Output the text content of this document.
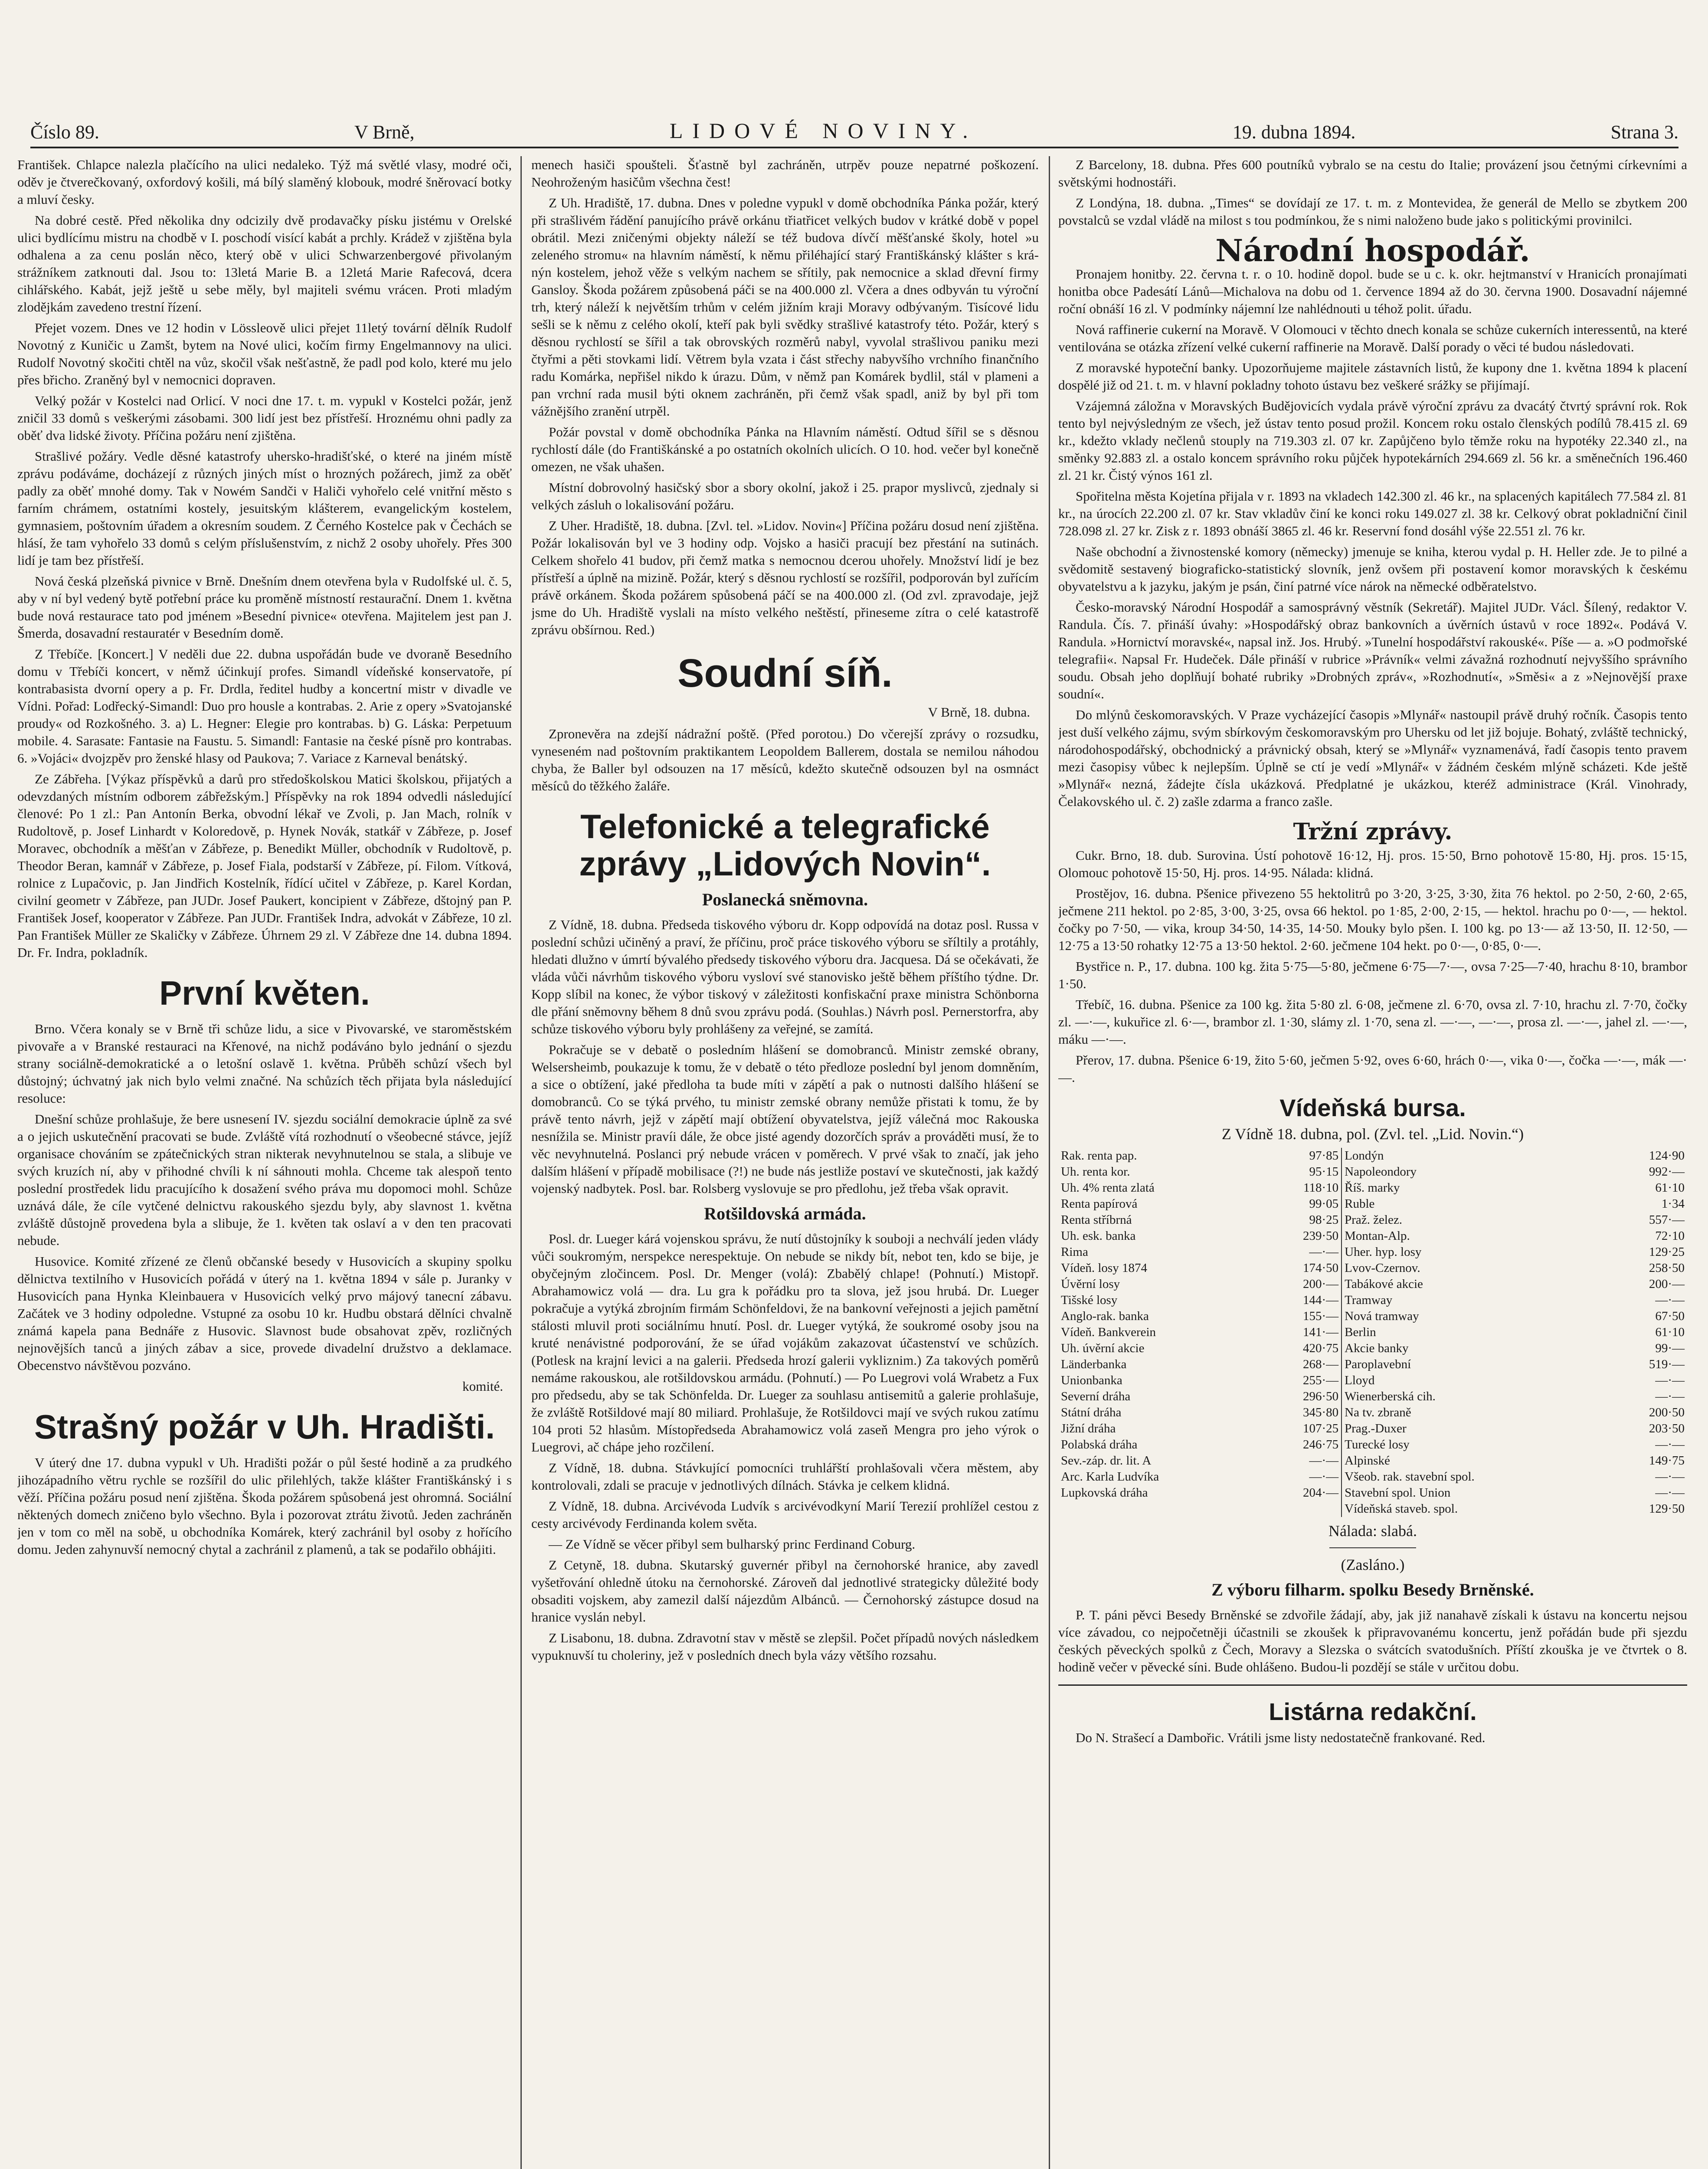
Číslo 89.	V Brně,	LIDOVÉ NOVINY.	19. dubna 1894.	Strana 3.

František. Chlapce nalezla plačícího na ulici nedaleko. Týž má světlé vlasy, modré oči, oděv je čtverečkovaný, oxfordový košili, má bílý slaměný klobouk, modré šněrovací botky a mluví česky.

Na dobré cestě. Před několika dny odcizily dvě prodavačky písku jistému v Orelské ulici bydlícímu mistru na chodbě v I. poschodí visící kabát a prchly. Krádež v zjištěna byla odhalena a za cenu poslán něco, který obě v ulici Schwarzenbergové přivolaným strážníkem zatknouti dal. Jsou to: 13letá Marie B. a 12letá Marie Rafecová, dcera cihlářského. Kabát, jejž ještě u sebe měly, byl majiteli svému vrácen. Proti mladým zlodějkám zavedeno trestní řízení.

Přejet vozem. Dnes ve 12 hodin v Lössleově ulici přejet 11letý tovární dělník Rudolf Novotný z Kuničic u Zamšt, bytem na Nové ulici, kočím firmy Engelmannovy na ulici. Rudolf Novotný skočiti chtěl na vůz, skočil však nešťastně, že padl pod kolo, které mu jelo přes břicho. Zraněný byl v nemocnici dopraven.

Velký požár v Kostelci nad Orlicí. V noci dne 17. t. m. vypukl v Kostelci požár, jenž zničil 33 domů s veškerými zásobami. 300 lidí jest bez přístřeší. Hroznému ohni padly za oběť dva lidské životy. Příčina požáru není zjištěna.

Strašlivé požáry. Vedle děsné katastrofy uhersko-hradišťské, o které na jiném místě zprávu podáváme, docházejí z různých jiných míst o hrozných požárech, jimž za oběť padly za oběť mnohé domy. Tak v Nowém Sandči v Haliči vyhořelo celé vnitřní město s farním chrámem, ostatními kostely, jesuitským klášterem, evangelickým kostelem, gymnasiem, poštovním úřadem a okresním soudem. Z Černého Kostelce pak v Čechách se hlásí, že tam vyhořelo 33 domů s celým příslušenstvím, z nichž 2 osoby uhořely. Přes 300 lidí je tam bez přístřeší.

Nová česká plzeňská pivnice v Brně. Dnešním dnem otevřena byla v Rudolfské ul. č. 5, aby v ní byl vedený bytě potřební práce ku proměně místností restaurační. Dnem 1. května bude nová restaurace tato pod jménem »Besední pivnice« otevřena. Majitelem jest pan J. Šmerda, dosavadní restauratér v Besedním domě.

Z Třebíče. [Koncert.] V neděli due 22. dubna uspořádán bude ve dvoraně Besedního domu v Třebíči koncert, v němž účinkují profes. Simandl vídeňské konservatoře, pí kontrabasista dvorní opery a p. Fr. Drdla, ředitel hudby a koncertní mistr v divadle ve Vídni. Pořad: Lodřecký-Simandl: Duo pro housle a kontrabas. 2. Arie z opery »Svatojanské proudy« od Rozkošného. 3. a) L. Hegner: Elegie pro kontrabas. b) G. Láska: Perpetuum mobile. 4. Sarasate: Fantasie na Faustu. 5. Simandl: Fantasie na české písně pro kontrabas. 6. »Vojáci« dvojzpěv pro ženské hlasy od Paukova; 7. Variace z Karneval benátský.

Ze Zábřeha. [Výkaz příspěvků a darů pro středoškolskou Matici školskou, přijatých a odevzdaných místním odborem zábřežským.] Příspěvky na rok 1894 odvedli následující členové: Po 1 zl.: Pan Antonín Berka, obvodní lékař ve Zvoli, p. Jan Mach, rolník v Rudoltově, p. Josef Linhardt v Koloredově, p. Hynek Novák, statkář v Zábřeze, p. Josef Moravec, obchodník a měšťan v Zábřeze, p. Benedikt Müller, obchodník v Rudoltově, p. Theodor Beran, kamnář v Zábřeze, p. Josef Fiala, podstarší v Zábřeze, pí. Filom. Vítková, rolnice z Lupačovic, p. Jan Jindřich Kostelník, řídící učitel v Zábřeze, p. Karel Kordan, civilní geometr v Zábřeze, pan JUDr. Josef Paukert, koncipient v Zábřeze, dštojný pan P. František Josef, kooperator v Zábřeze. Pan JUDr. František Indra, advokát v Zábřeze, 10 zl. Pan František Müller ze Skaličky v Zábřeze. Úhrnem 29 zl. V Zábřeze dne 14. dubna 1894. Dr. Fr. Indra, pokladník.

První květen.

Brno. Včera konaly se v Brně tři schůze lidu, a sice v Pivovarské, ve staroměstském pivovaře a v Branské restauraci na Křenové, na nichž podáváno bylo jednání o sjezdu strany sociálně-demokratické a o letošní oslavě 1. května. Průběh schůzí všech byl důstojný; úchvatný jak nich bylo velmi značné. Na schůzích těch přijata byla následující resoluce:

Dnešní schůze prohlašuje, že bere usnesení IV. sjezdu sociální demokracie úplně za své a o jejich uskutečnění pracovati se bude. Zvláště vítá rozhodnutí o všeobecné stávce, jejíž organisace chováním se zpátečnických stran nikterak nevyhnutelnou se stala, a slibuje ve svých kruzích ní, aby v přihodné chvíli k ní sáhnouti mohla. Chceme tak alespoň tento poslední prostředek lidu pracujícího k dosažení svého práva mu dopomoci mohl. Schůze uznává dále, že cíle vytčené delnictvu rakouského sjezdu byly, aby slavnost 1. května zvláště důstojně provedena byla a slibuje, že 1. květen tak oslaví a v den ten pracovati nebude.

Husovice. Komité zřízené ze členů občanské besedy v Husovicích a skupiny spolku dělnictva textilního v Husovicích pořádá v úterý na 1. května 1894 v sále p. Juranky v Husovicích pana Hynka Kleinbauera v Husovicích velký prvo májový tanecní zábavu. Začátek ve 3 hodiny odpoledne. Vstupné za osobu 10 kr. Hudbu obstará dělníci chvalně známá kapela pana Bednáře z Husovic. Slavnost bude obsahovat zpěv, rozličných nejnovějších tanců a jiných zábav a sice, provede divadelní družstvo a deklamace. Obecenstvo návštěvou pozváno.

komité.

Strašný požár v Uh. Hradišti.

V úterý dne 17. dubna vypukl v Uh. Hradišti požár o půl šesté hodině a za prudkého jihozápadního větru rychle se rozšířil do ulic přilehlých, takže klášter Františkánský i s věží. Příčina požáru posud není zjištěna. Škoda požárem spůsobená jest ohromná. Sociální něktených domech zničeno bylo všechno. Byla i pozorovat ztrátu životů. Jeden zachráněn jen v tom co měl na sobě, u obchodníka Komárek, který zachránil byl osoby z hořícího domu. Jeden zahynuvší nemocný chytal a zachránil z plamenů, a tak se podařilo obhájiti.

menech hasiči spoušteli. Šťastně byl zachráněn, utrpěv pouze nepatrné poškození. Neohroženým hasičům všechna čest!

Z Uh. Hradiště, 17. dubna. Dnes v poledne vypukl v domě obchodníka Pánka požár, který při strašlivém řádění panujícího právě orkánu třiatřicet velkých budov v krátké době v popel obrátil. Mezi zničenými objekty náleží se též budova dívčí měšťanské školy, hotel »u zeleného stromu« na hlavním náměstí, k němu přiléhající starý Františkánský klášter s krá-nýn kostelem, jehož věže s velkým nachem se sřítily, pak nemocnice a sklad dřevní firmy Gansloy. Škoda požárem způsobená páči se na 400.000 zl. Včera a dnes odbyván tu výroční trh, který náleží k největším trhům v celém jižním kraji Moravy odbývaným. Tisícové lidu sešli se k němu z celého okolí, kteří pak byli svědky strašlivé katastrofy této. Požár, který s děsnou rychlostí se šířil a tak obrovských rozměrů nabyl, vyvolal strašlivou paniku mezi čtyřmi a pěti stovkami lidí. Větrem byla vzata i část střechy nabyvšího vrchního finančního radu Komárka, nepřišel nikdo k úrazu. Dům, v němž pan Komárek bydlil, stál v plameni a pan vrchní rada musil býti oknem zachráněn, při čemž však spadl, aniž by byl při tom vážnějšího zranění utrpěl.

Požár povstal v domě obchodníka Pánka na Hlavním náměstí. Odtud šířil se s děsnou rychlostí dále (do Františkánské a po ostatních okolních ulicích. O 10. hod. večer byl konečně omezen, ne však uhašen.

Místní dobrovolný hasičský sbor a sbory okolní, jakož i 25. prapor myslivců, zjednaly si velkých zásluh o lokalisování požáru.

Z Uher. Hradiště, 18. dubna. [Zvl. tel. »Lidov. Novin«] Příčina požáru dosud není zjištěna. Požár lokalisován byl ve 3 hodiny odp. Vojsko a hasiči pracují bez přestání na sutinách. Celkem shořelo 41 budov, při čemž matka s nemocnou dcerou uhořely. Množství lidí je bez přístřeší a úplně na mizině. Požár, který s děsnou rychlostí se rozšířil, podporován byl zuřícím právě orkánem. Škoda požárem spůsobená páčí se na 400.000 zl. (Od zvl. zpravodaje, jejž jsme do Uh. Hradiště vyslali na místo velkého neštěstí, přineseme zítra o celé katastrofě zprávu obšírnou. Red.)

Soudní síň.
V Brně, 18. dubna.

Zpronevěra na zdejší nádražní poště. (Před porotou.) Do včerejší zprávy o rozsudku, vyneseném nad poštovním praktikantem Leopoldem Ballerem, dostala se nemilou náhodou chyba, že Baller byl odsouzen na 17 měsíců, kdežto skutečně odsouzen byl na osmnáct měsíců do těžkého žaláře.

Telefonické a telegrafické zprávy „Lidových Novin“.
Poslanecká sněmovna.

Z Vídně, 18. dubna. Předseda tiskového výboru dr. Kopp odpovídá na dotaz posl. Russa v poslední schůzi učiněný a praví, že příčinu, proč práce tiskového výboru se sříltily a protáhly, hledati dlužno v úmrtí bývalého předsedy tiskového výboru drа. Jacquesa. Dá se očekávati, že vláda vůči návrhům tiskového výboru vysloví své stanovisko ještě během příštího týdne. Dr. Kopp slíbil na konec, že výbor tiskový v záležitosti konfiskační praxe ministra Schönborna dle přání sněmovny během 8 dnů svou zprávu podá. (Souhlas.) Návrh posl. Pernerstorfra, aby schůze tiskového výboru byly prohlášeny za veřejné, se zamítá.

Pokračuje se v debatě o posledním hlášení se domobranců. Ministr zemské obrany, Welsersheimb, poukazuje k tomu, že v debatě o této předloze poslední byl jenom domněním, a sice o obtížení, jaké předloha ta bude míti v zápětí a pak o nutnosti dalšího hlášení se domobranců. Co se týká prvého, tu ministr zemské obrany nemůže přistati k tomu, že by právě tento návrh, jejž v zápětí mají obtížení obyvatelstva, jejíž válečná moc Rakouska nesnížila se. Ministr pravíi dále, že obce jisté agendy dozorčích správ a prováděti musí, že to věc nevyhnutelná. Poslanci prý nebude vrácen v poměrech. V prvé však to značí, jak jeho dalším hlášení v případě mobilisace (?!) ne bude nás jestliže postaví ve skutečnosti, jak každý vojenský nadbytek. Posl. bar. Rolsberg vyslovuje se pro předlohu, jež třeba však opravit.

Rotšildovská armáda.

Posl. dr. Lueger kárá vojenskou správu, že nutí důstojníky k souboji a nechválí jeden vlády vůči soukromým, nerspekce nerespektuje. On nebude se nikdy bít, nebot ten, kdo se bije, je obyčejným zločincem. Posl. Dr. Menger (volá): Zbabělý chlape! (Pohnutí.) Mistopř. Abrahamowicz volá — dra. Lu gra k pořádku pro ta slova, jež jsou hrubá. Dr. Lueger pokračuje a vytýká zbrojním firmám Schönfeldovi, že na bankovní veřejnosti a jejich pamětní stálosti mluvil proti sociálnímu hnutí. Posl. dr. Lueger vytýká, že soukromé osoby jsou na kruté nenávistné podporování, že se úřad vojákům zakazovat účastenství ve schůzích. (Potlesk na krajní levici a na galerii. Předseda hrozí galerii vykliznim.) Za takových poměrů nemáme rakouskou, ale rotšildovskou armádu. (Pohnutí.) — Po Luegrovi volá Wrabetz a Fux pro předsedu, aby se tak Schönfelda. Dr. Lueger za souhlasu antisemitů a galerie prohlašuje, že zvláště Rotšildové mají 80 miliard. Prohlašuje, že Rotšildovci mají ve svých rukou zatímu 104 proti 52 hlasům. Místopředseda Abrahamowicz volá zaseň Mengra pro jeho výrok o Luegrovi, ač chápe jeho rozčilení.

Z Vídně, 18. dubna. Stávkující pomocníci truhlářští prohlašovali včera městem, aby kontrolovali, zdali se pracuje v jednotlivých dílnách. Stávka je celkem klidná.

Z Vídně, 18. dubna. Arcivévoda Ludvík s arcivévodkyní Marií Terezií prohlížel cestou z cesty arcivévody Ferdinanda kolem světa.

— Ze Vídně se věcer přibyl sem bulharský princ Ferdinand Coburg.

Z Cetyně, 18. dubna. Skutarský guvernér přibyl na černohorské hranice, aby zavedl vyšetřování ohledně útoku na černohorské. Zároveň dal jednotlivé strategicky důležité body obsaditi vojskem, aby zamezil další nájezdům Albánců. — Černohorský zástupce dosud na hranice vyslán nebyl.

Z Lisabonu, 18. dubna. Zdravotní stav v městě se zlepšil. Počet případů nových následkem vypuknuvší tu choleriny, jež v posledních dnech byla vázy většího rozsahu.

Z Barcelony, 18. dubna. Přes 600 poutníků vybralo se na cestu do Italie; provázení jsou četnými církevními a světskými hodnostáři.

Z Londýna, 18. dubna. „Times“ se dovídají ze 17. t. m. z Montevidea, že generál de Mello se zbytkem 200 povstalců se vzdal vládě na milost s tou podmínkou, že s nimi naloženo bude jako s politickými provinilci.

Národní hospodář.

Pronajem honitby. 22. června t. r. o 10. hodině dopol. bude se u c. k. okr. hejtmanství v Hranicích pronajímati honitba obce Padesátí Lánů—Michalova na dobu od 1. července 1894 až do 30. června 1900. Dosavadní nájemné roční obnáší 16 zl. V podmínky nájemní lze nahlédnouti u téhož polit. úřadu.

Nová raffinerie cukerní na Moravě. V Olomouci v těchto dnech konala se schůze cukerních interessentů, na které ventilována se otázka zřízení velké cukerní raffinerie na Moravě. Další porady o věci té budou následovati.

Z moravské hypoteční banky. Upozorňujeme majitele zástavních listů, že kupony dne 1. května 1894 k placení dospělé již od 21. t. m. v hlavní pokladny tohoto ústavu bez veškeré srážky se přijímají.

Vzájemná záložna v Moravských Budějovicích vydala právě výroční zprávu za dvacátý čtvrtý správní rok. Rok tento byl nejvýsledným ze všech, jež ústav tento posud prožil. Koncem roku ostalo členských podílů 78.415 zl. 69 kr., kdežto vklady nečlenů stouply na 719.303 zl. 07 kr. Zapůjčeno bylo těmže roku na hypotéky 22.340 zl., na směnky 92.883 zl. a ostalo koncem správního roku půjček hypotekárních 294.669 zl. 56 kr. a směnečních 196.460 zl. 21 kr. Čistý výnos 161 zl.

Spořitelna města Kojetína přijala v r. 1893 na vkladech 142.300 zl. 46 kr., na splacených kapitálech 77.584 zl. 81 kr., na úrocích 22.200 zl. 07 kr. Stav vkladův činí ke konci roku 149.027 zl. 38 kr. Celkový obrat pokladniční činil 728.098 zl. 27 kr. Zisk z r. 1893 obnáší 3865 zl. 46 kr. Reservní fond dosáhl výše 22.551 zl. 76 kr.

Naše obchodní a živnostenské komory (německy) jmenuje se kniha, kterou vydal p. H. Heller zde. Je to pilné a svědomitě sestavený biograficko-statistický slovník, jenž ovšem při postavení komor moravských k českému obyvatelstvu a k jazyku, jakým je psán, činí patrné více nárok na německé odběratelstvo.

Česko-moravský Národní Hospodář a samosprávný věstník (Sekretář). Majitel JUDr. Václ. Šílený, redaktor V. Randula. Čís. 7. přináší úvahy: »Hospodářský obraz bankovních a úvěrních ústavů v roce 1892«. Podává V. Randula. »Hornictví moravské«, napsal inž. Jos. Hrubý. »Tunelní hospodářství rakouské«. Píše — a. »O podmořské telegrafii«. Napsal Fr. Hudeček. Dále přináší v rubrice »Právník« velmi závažná rozhodnutí nejvyššího správního soudu. Obsah jeho doplňují bohaté rubriky »Drobných zpráv«, »Rozhodnutí«, »Směsi« a z »Nejnovější praxe soudní«.

Do mlýnů českomoravských. V Praze vycházející časopis »Mlynář« nastoupil právě druhý ročník. Časopis tento jest duší velkého zájmu, svým sbírkovým českomoravským pro Uhersku od let již bojuje. Bohatý, zvláště technický, národohospodářský, obchodnický a právnický obsah, který se »Mlynář« vyznamenává, řadí časopis tento pravem mezi časopisy vůbec k nejlepším. Úplně se ctí je vedí »Mlynář« v žádném českém mlýně scházeti. Kde ještě »Mlynář« nezná, žádejte čísla ukázková. Předplatné je ukázkou, kteréž administrace (Král. Vinohrady, Čelakovského ul. č. 2) zašle zdarma a franco zašle.

Tržní zprávy.

Cukr. Brno, 18. dub. Surovina. Ústí pohotově 16·12, Hj. pros. 15·50, Brno pohotově 15·80, Hj. pros. 15·15, Olomouc pohotově 15·50, Hj. pros. 14·95. Nálada: klidná.

Prostějov, 16. dubna. Pšenice přivezeno 55 hektolitrů po 3·20, 3·25, 3·30, žita 76 hektol. po 2·50, 2·60, 2·65, ječmene 211 hektol. po 2·85, 3·00, 3·25, ovsa 66 hektol. po 1·85, 2·00, 2·15, — hektol. hrachu po 0·—, — hektol. čočky po 7·50, — vika, kroup 34·50, 14·35, 14·50. Mouky bylo pšen. I. 100 kg. po 13·— až 13·50, II. 12·50, — 12·75 a 13·50 rohatky 12·75 a 13·50 hektol. 2·60. ječmene 104 hekt. po 0·—, 0·85, 0·—.

Bystřice n. P., 17. dubna. 100 kg. žita 5·75—5·80, ječmene 6·75—7·—, ovsa 7·25—7·40, hrachu 8·10, brambor 1·50.

Třebíč, 16. dubna. Pšenice za 100 kg. žita 5·80 zl. 6·08, ječmene zl. 6·70, ovsa zl. 7·10, hrachu zl. 7·70, čočky zl. —·—, kukuřice zl. 6·—, brambor zl. 1·30, slámy zl. 1·70, sena zl. —·—, —·—, prosa zl. —·—, jahel zl. —·—, máku —·—.

Přerov, 17. dubna. Pšenice 6·19, žito 5·60, ječmen 5·92, oves 6·60, hrách 0·—, vika 0·—, čočka —·—, mák —·—.

Vídeňská bursa.
Z Vídně 18. dubna, pol. (Zvl. tel. „Lid. Novin.“)
Rak. renta pap.	97·85	Londýn	124·90
Uh. renta kor.	95·15	Napoleondory	992·—
Uh. 4% renta zlatá	118·10	Říš. marky	61·10
Renta papírová	99·05	Ruble	1·34
Renta stříbrná	98·25	Praž. želez.	557·—
Uh. esk. banka	239·50	Montan-Alp.	72·10
Rima	—·—	Uher. hyp. losy	129·25
Vídeň. losy 1874	174·50	Lvov-Czernov.	258·50
Úvěrní losy	200·—	Tabákové akcie	200·—
Tišské losy	144·—	Tramway	—·—
Anglo-rak. banka	155·—	Nová tramway	67·50
Vídeň. Bankverein	141·—	Berlin	61·10
Uh. úvěrní akcie	420·75	Akcie banky	99·—
Länderbanka	268·—	Paroplavební	519·—
Unionbanka	255·—	Lloyd	—·—
Severní dráha	296·50	Wienerberská cih.	—·—
Státní dráha	345·80	Na tv. zbraně	200·50
Jižní dráha	107·25	Prag.-Duxer	203·50
Polabská dráha	246·75	Turecké losy	—·—
Sev.-záp. dr. lit. A	—·—	Alpinské	149·75
Arc. Karla Ludvíka	—·—	Všeob. rak. stavební spol.	—·—
Lupkovská dráha	204·—	Stavební spol. Union	—·—
		Vídeňská staveb. spol.	129·50
Nálada: slabá.
(Zasláno.)
Z výboru filharm. spolku Besedy Brněnské.

P. T. páni pěvci Besedy Brněnské se zdvořile žádají, aby, jak již nanahavě získali k ústavu na koncertu nejsou více závadou, co nejpočetněji účastnili se zkoušek k připravovanému koncertu, jenž pořádán bude při sjezdu českých pěveckých spolků z Čech, Moravy a Slezska o svátcích svatodušních. Příští zkouška je ve čtvrtek o 8. hodině večer v pěvecké síni. Bude ohlášeno. Budou-li pozdějí se stále v určitou dobu.

Listárna redakční.

Do N. Strašecí a Dambořic. Vrátili jsme listy nedostatečně frankované. Red.
